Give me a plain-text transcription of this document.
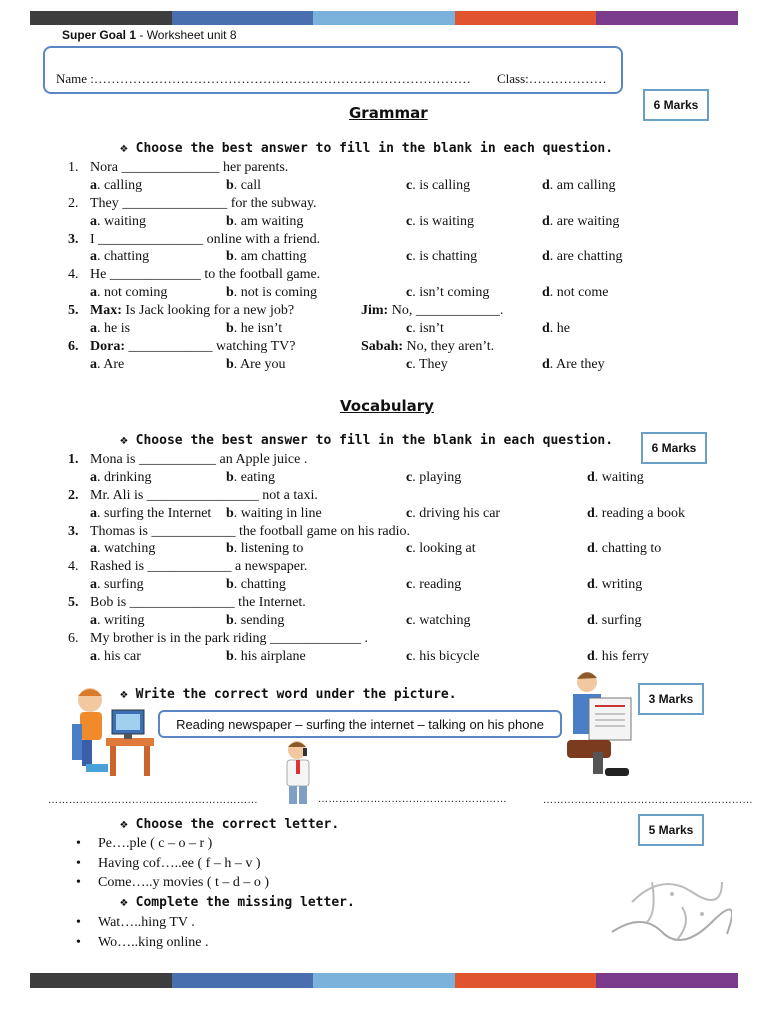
Super Goal 1 - Worksheet unit 8
Name :…………………………………………………………………………… Class:………………
Grammar	6 Marks
❖ Choose the best answer to fill in the blank in each question.
1. Nora ______________ her parents.
a. calling	b. call	c. is calling	d. am calling
2. They _______________ for the subway.
a. waiting	b. am waiting	c. is waiting	d. are waiting
3. I _______________ online with a friend.
a. chatting	b. am chatting	c. is chatting	d. are chatting
4. He _____________ to the football game.
a. not coming	b. not is coming	c. isn’t coming	d. not come
Jim: No, ____________.
5. Max: Is Jack looking for a new job?
a. he is	b. he isn’t	c. isn’t	d. he
Sabah: No, they aren’t.
6. Dora: ____________ watching TV?
a. Are	b. Are you	c. They	d. Are they
Vocabulary
6 Marks
❖ Choose the best answer to fill in the blank in each question.
1. Mona is ___________ an Apple juice .
a. drinking	b. eating	c. playing	d. waiting
2. Mr. Ali is ________________ not a taxi.
a. surfing the Internet b. waiting in line	c. driving his car	d. reading a book
3. Thomas is ____________ the football game on his radio.
a. watching	b. listening to	c. looking at	d. chatting to
4. Rashed is ____________ a newspaper.
a. surfing	b. chatting	c. reading	d. writing
5. Bob is _______________ the Internet.
a. writing	b. sending	c. watching	d. surfing
6. My brother is in the park riding _____________ .
a. his car	b. his airplane	c. his bicycle	d. his ferry
❖ Write the correct word under the picture.	3 Marks
Reading newspaper – surfing the internet – talking on his phone
……………………………………………………	………………………………………………	……………………………………………………
❖ Choose the correct letter.	5 Marks
• Pe….ple ( c – o – r )
• Having cof…..ee ( f – h – v )
• Come…..y movies ( t – d – o )
❖ Complete the missing letter.
• Wat…..hing TV .
• Wo…..king online .
